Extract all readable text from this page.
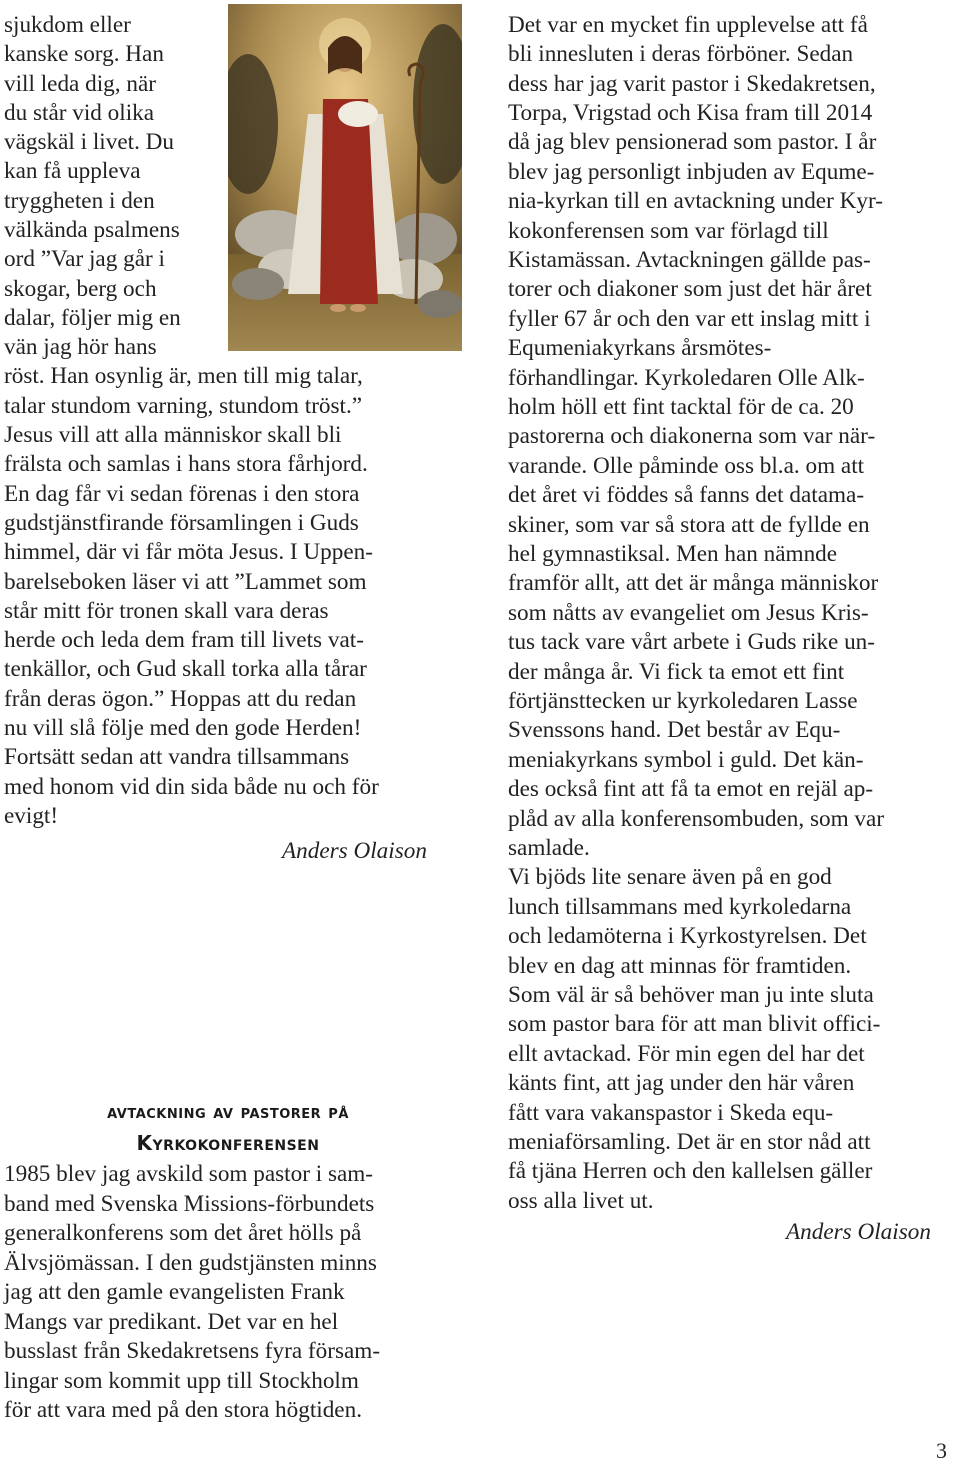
sjukdom eller
kanske sorg. Han
vill leda dig, när
du står vid olika
vägskäl i livet. Du
kan få uppleva
tryggheten i den
välkända psalmens
ord ”Var jag går i
skogar, berg och
dalar, följer mig en
vän jag hör hans
röst. Han osynlig är, men till mig talar,
talar stundom varning, stundom tröst.”
Jesus vill att alla människor skall bli
frälsta och samlas i hans stora fårhjord.
En dag får vi sedan förenas i den stora
gudstjänstfirande församlingen i Guds
himmel, där vi får möta Jesus. I Uppen-
barelseboken läser vi att ”Lammet som
står mitt för tronen skall vara deras
herde och leda dem fram till livets vat-
tenkällor, och Gud skall torka alla tårar
från deras ögon.” Hoppas att du redan
nu vill slå följe med den gode Herden!
Fortsätt sedan att vandra tillsammans
med honom vid din sida både nu och för
evigt!
Anders Olaison
avtackning av pastorer på
Kyrkokonferensen
1985 blev jag avskild som pastor i sam-
band med Svenska Missions-förbundets
generalkonferens som det året hölls på
Älvsjömässan. I den gudstjänsten minns
jag att den gamle evangelisten Frank
Mangs var predikant. Det var en hel
busslast från Skedakretsens fyra försam-
lingar som kommit upp till Stockholm
för att vara med på den stora högtiden.
Det var en mycket fin upplevelse att få
bli innesluten i deras förböner. Sedan
dess har jag varit pastor i Skedakretsen,
Torpa, Vrigstad och Kisa fram till 2014
då jag blev pensionerad som pastor. I år
blev jag personligt inbjuden av Equme-
nia-kyrkan till en avtackning under Kyr-
kokonferensen som var förlagd till
Kistamässan. Avtackningen gällde pas-
torer och diakoner som just det här året
fyller 67 år och den var ett inslag mitt i
Equmeniakyrkans årsmötes-
förhandlingar. Kyrkoledaren Olle Alk-
holm höll ett fint tacktal för de ca. 20
pastorerna och diakonerna som var när-
varande. Olle påminde oss bl.a. om att
det året vi föddes så fanns det datama-
skiner, som var så stora att de fyllde en
hel gymnastiksal. Men han nämnde
framför allt, att det är många människor
som nåtts av evangeliet om Jesus Kris-
tus tack vare vårt arbete i Guds rike un-
der många år. Vi fick ta emot ett fint
förtjänsttecken ur kyrkoledaren Lasse
Svenssons hand. Det består av Equ-
meniakyrkans symbol i guld. Det kän-
des också fint att få ta emot en rejäl ap-
plåd av alla konferensombuden, som var
samlade.
Vi bjöds lite senare även på en god
lunch tillsammans med kyrkoledarna
och ledamöterna i Kyrkostyrelsen. Det
blev en dag att minnas för framtiden.
Som väl är så behöver man ju inte sluta
som pastor bara för att man blivit offici-
ellt avtackad. För min egen del har det
känts fint, att jag under den här våren
fått vara vakanspastor i Skeda equ-
meniaförsamling. Det är en stor nåd att
få tjäna Herren och den kallelsen gäller
oss alla livet ut.
Anders Olaison
3
